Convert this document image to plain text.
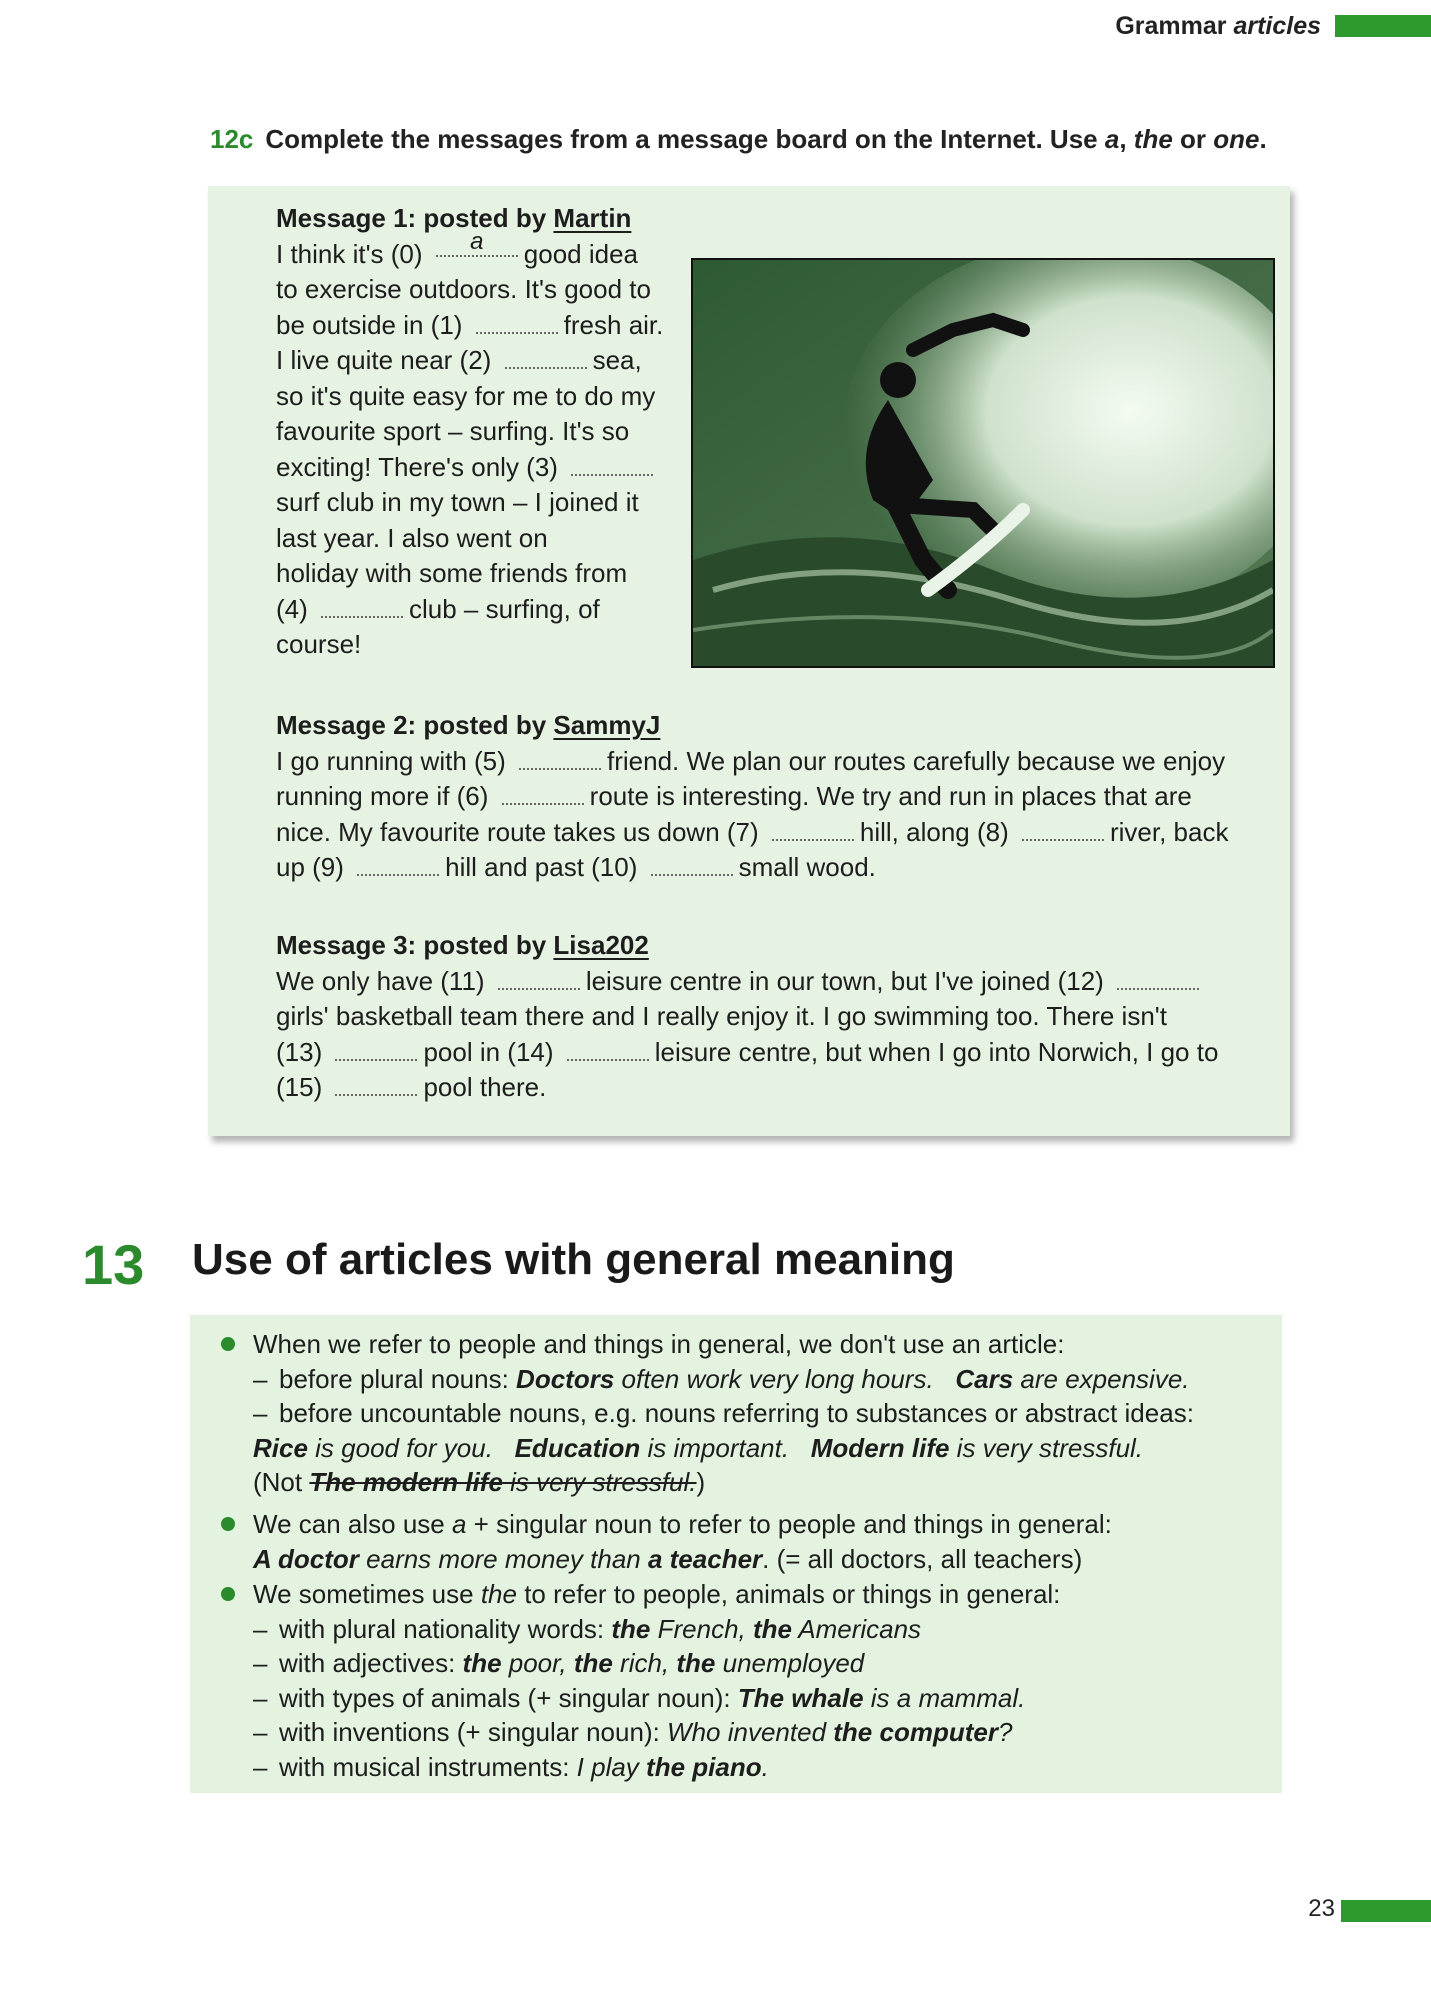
Grammar articles
12c Complete the messages from a message board on the Internet. Use a, the or one.
Message 1: posted by Martin
I think it's (0) a good idea
to exercise outdoors. It's good to
be outside in (1)	fresh air.
I live quite near (2)	sea,
so it's quite easy for me to do my
favourite sport – surfing. It's so
exciting! There's only (3)
surf club in my town – I joined it
last year. I also went on
holiday with some friends from
(4)	club – surfing, of
course!
Message 2: posted by SammyJ
I go running with (5)	friend. We plan our routes carefully because we enjoy
running more if (6)	route is interesting. We try and run in places that are
nice. My favourite route takes us down (7)	hill, along (8)	river, back
up (9)	hill and past (10)	small wood.
Message 3: posted by Lisa202
We only have (11)	leisure centre in our town, but I've joined (12)
girls' basketball team there and I really enjoy it. I go swimming too. There isn't
(13)	pool in (14)	leisure centre, but when I go into Norwich, I go to
(15)	pool there.
13 Use of articles with general meaning
When we refer to people and things in general, we don't use an article:
– before plural nouns: Doctors often work very long hours. Cars are expensive.
– before uncountable nouns, e.g. nouns referring to substances or abstract ideas:
Rice is good for you. Education is important. Modern life is very stressful.
(Not The modern life is very stressful.)
We can also use a + singular noun to refer to people and things in general:
A doctor earns more money than a teacher. (= all doctors, all teachers)
We sometimes use the to refer to people, animals or things in general:
– with plural nationality words: the French, the Americans
– with adjectives: the poor, the rich, the unemployed
– with types of animals (+ singular noun): The whale is a mammal.
– with inventions (+ singular noun): Who invented the computer?
– with musical instruments: I play the piano.
23
